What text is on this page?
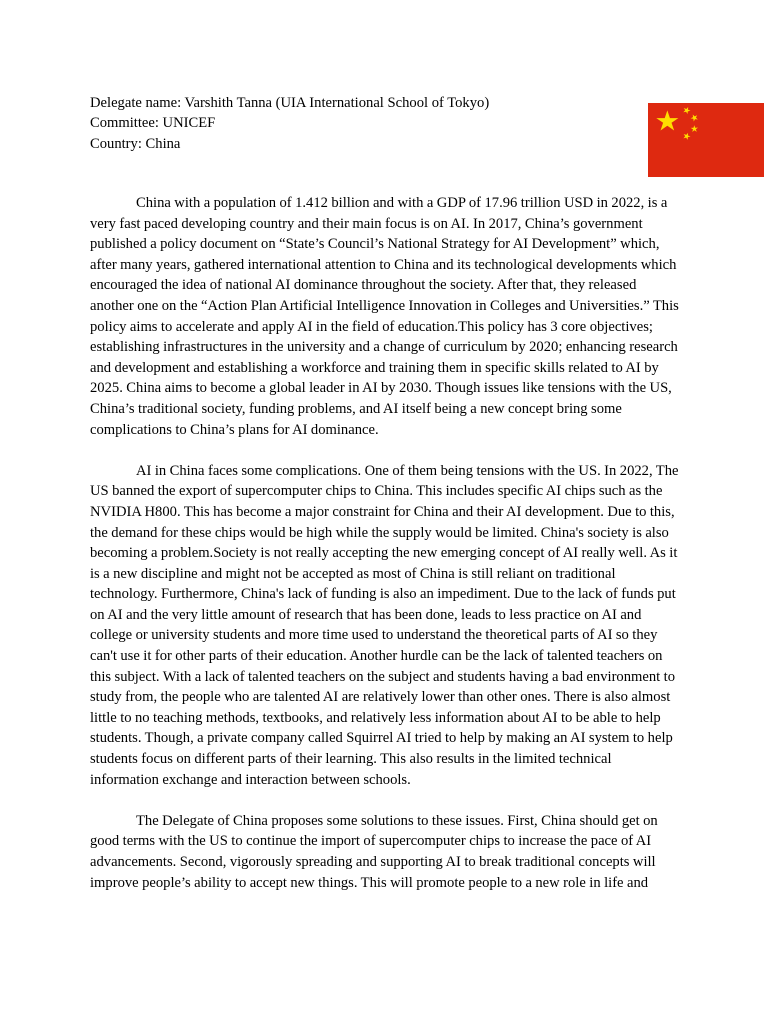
Delegate name: Varshith Tanna (UIA International School of Tokyo)
Committee: UNICEF
Country: China

China with a population of 1.412 billion and with a GDP of 17.96 trillion USD in 2022, is a very fast paced developing country and their main focus is on AI. In 2017, China’s government published a policy document on “State’s Council’s National Strategy for AI Development” which, after many years, gathered international attention to China and its technological developments which encouraged the idea of national AI dominance throughout the society. After that, they released another one on the “Action Plan Artificial Intelligence Innovation in Colleges and Universities.” This policy aims to accelerate and apply AI in the field of education.This policy has 3 core objectives; establishing infrastructures in the university and a change of curriculum by 2020; enhancing research and development and establishing a workforce and training them in specific skills related to AI by 2025. China aims to become a global leader in AI by 2030. Though issues like tensions with the US, China’s traditional society, funding problems, and AI itself being a new concept bring some complications to China’s plans for AI dominance.

AI in China faces some complications. One of them being tensions with the US. In 2022, The US banned the export of supercomputer chips to China. This includes specific AI chips such as the NVIDIA H800. This has become a major constraint for China and their AI development. Due to this, the demand for these chips would be high while the supply would be limited. China's society is also becoming a problem.Society is not really accepting the new emerging concept of AI really well. As it is a new discipline and might not be accepted as most of China is still reliant on traditional technology. Furthermore, China's lack of funding is also an impediment. Due to the lack of funds put on AI and the very little amount of research that has been done, leads to less practice on AI and college or university students and more time used to understand the theoretical parts of AI so they can't use it for other parts of their education. Another hurdle can be the lack of talented teachers on this subject. With a lack of talented teachers on the subject and students having a bad environment to study from, the people who are talented AI are relatively lower than other ones. There is also almost little to no teaching methods, textbooks, and relatively less information about AI to be able to help students. Though, a private company called Squirrel AI tried to help by making an AI system to help students focus on different parts of their learning. This also results in the limited technical information exchange and interaction between schools.

The Delegate of China proposes some solutions to these issues. First, China should get on good terms with the US to continue the import of supercomputer chips to increase the pace of AI advancements. Second, vigorously spreading and supporting AI to break traditional concepts will improve people’s ability to accept new things. This will promote people to a new role in life and
